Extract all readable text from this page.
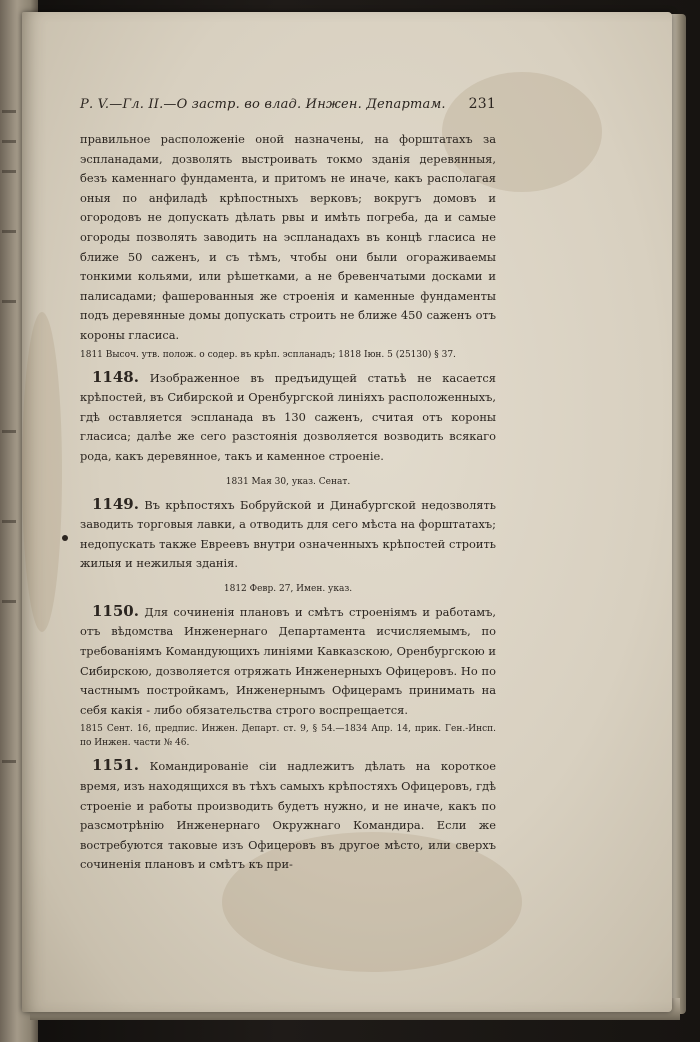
Р. V.—Гл. II.—О застр. во влад. Инжен. Департам. 231

правильное расположеніе оной назначены, на форштатахъ за эспланадами, дозволять выстроивать токмо зданія деревянныя, безъ каменнаго фундамента, и притомъ не иначе, какъ располагая оныя по анфиладѣ крѣпостныхъ верковъ; вокругъ домовъ и огородовъ не допускать дѣлать рвы и имѣть погреба, да и самые огороды позволять заводить на эспланадахъ въ концѣ гласиса не ближе 50 саженъ, и съ тѣмъ, чтобы они были огораживаемы тонкими кольями, или рѣшетками, а не бревенчатыми досками и палисадами; фашерованныя же строенія и каменные фундаменты подъ деревянные домы допускать строить не ближе 450 саженъ отъ короны гласиса.

1811 Высоч. утв. полож. о содер. въ крѣп. эспланадъ; 1818 Іюн. 5 (25130) § 37.

1148. Изображенное въ предъидущей статьѣ не касается крѣпостей, въ Сибирской и Оренбургской линіяхъ расположенныхъ, гдѣ оставляется эспланада въ 130 саженъ, считая отъ короны гласиса; далѣе же сего разстоянія дозволяется возводить всякаго рода, какъ деревянное, такъ и каменное строеніе.

1831 Мая 30, указ. Сенат.

1149. Въ крѣпостяхъ Бобруйской и Динабургской недозволять заводить торговыя лавки, а отводить для сего мѣста на форштатахъ; недопускать также Евреевъ внутри означенныхъ крѣпостей строить жилыя и нежилыя зданія.

1812 Февр. 27, Имен. указ.

1150. Для сочиненія плановъ и смѣтъ строеніямъ и работамъ, отъ вѣдомства Инженернаго Департамента исчисляемымъ, по требованіямъ Командующихъ линіями Кавказскою, Оренбургскою и Сибирскою, дозволяется отряжать Инженерныхъ Офицеровъ. Но по частнымъ постройкамъ, Инженернымъ Офицерамъ принимать на себя какія - либо обязательства строго воспрещается.

1815 Сент. 16, предпис. Инжен. Департ. ст. 9, § 54.—1834 Апр. 14, прик. Ген.-Инсп. по Инжен. части № 46.

1151. Командированіе сіи надлежитъ дѣлать на короткое время, изъ находящихся въ тѣхъ самыхъ крѣпостяхъ Офицеровъ, гдѣ строеніе и работы производить будетъ нужно, и не иначе, какъ по разсмотрѣнію Инженернаго Окружнаго Командира. Если же востребуются таковые изъ Офицеровъ въ другое мѣсто, или сверхъ сочиненія плановъ и смѣтъ къ при-
